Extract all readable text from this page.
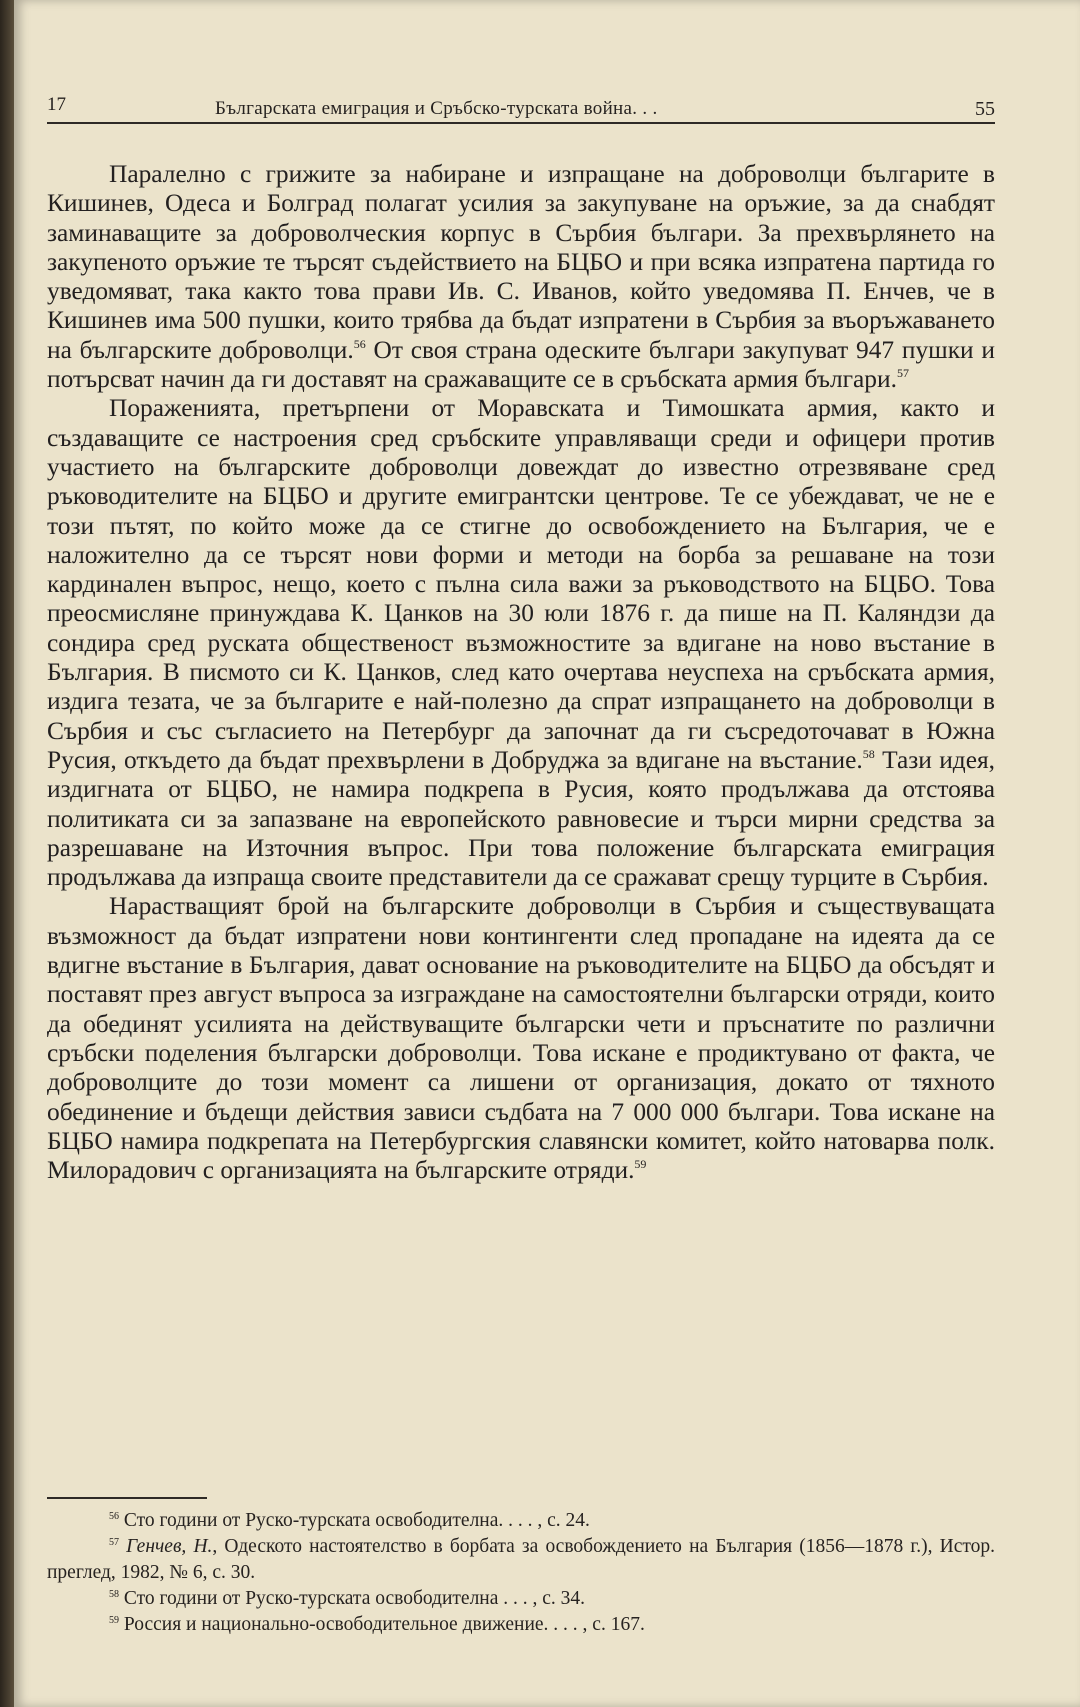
17	Българската емиграция и Сръбско-турската война. . .	55

Паралелно с грижите за набиране и изпращане на доброволци българите в Кишинев, Одеса и Болград полагат усилия за закупуване на оръжие, за да снабдят заминаващите за доброволческия корпус в Сърбия българи. За прехвърлянето на закупеното оръжие те търсят съдействието на БЦБО и при всяка изпратена партида го уведомяват, така както това прави Ив. С. Иванов, който уведомява П. Енчев, че в Кишинев има 500 пушки, които трябва да бъдат изпратени в Сърбия за въоръжаването на българските доброволци.$^{56}$ От своя страна одеските българи закупуват 947 пушки и потърсват начин да ги доставят на сражаващите се в сръбската армия българи.$^{57}$

Пораженията, претърпени от Моравската и Тимошката армия, както и създаващите се настроения сред сръбските управляващи среди и офицери против участието на българските доброволци довеждат до известно отрезвяване сред ръководителите на БЦБО и другите емигрантски центрове. Те се убеждават, че не е този пътят, по който може да се стигне до освобождението на България, че е наложително да се търсят нови форми и методи на борба за решаване на този кардинален въпрос, нещо, което с пълна сила важи за ръководството на БЦБО. Това преосмисляне принуждава К. Цанков на 30 юли 1876 г. да пише на П. Каляндзи да сондира сред руската общественост възможностите за вдигане на ново въстание в България. В писмото си К. Цанков, след като очертава неуспеха на сръбската армия, издига тезата, че за българите е най-полезно да спрат изпращането на доброволци в Сърбия и със съгласието на Петербург да започнат да ги съсредоточават в Южна Русия, откъдето да бъдат прехвърлени в Добруджа за вдигане на въстание.$^{58}$ Тази идея, издигната от БЦБО, не намира подкрепа в Русия, която продължава да отстоява политиката си за запазване на европейското равновесие и търси мирни средства за разрешаване на Източния въпрос. При това положение българската емиграция продължава да изпраща своите представители да се сражават срещу турците в Сърбия.

Нарастващият брой на българските доброволци в Сърбия и съществуващата възможност да бъдат изпратени нови контингенти след пропадане на идеята да се вдигне въстание в България, дават основание на ръководителите на БЦБО да обсъдят и поставят през август въпроса за изграждане на самостоятелни български отряди, които да обединят усилията на действуващите български чети и пръснатите по различни сръбски поделения български доброволци. Това искане е продиктувано от факта, че доброволците до този момент са лишени от организация, докато от тяхното обединение и бъдещи действия зависи съдбата на 7 000 000 българи. Това искане на БЦБО намира подкрепата на Петербургския славянски комитет, който натоварва полк. Милорадович с организацията на българските отряди.$^{59}$

$^{56}$ Сто години от Руско-турската освободителна. . . . , с. 24.

$^{57}$ Генчев, Н., Одеското настоятелство в борбата за освобождението на България (1856—1878 г.), Истор. преглед, 1982, № 6, с. 30.

$^{58}$ Сто години от Руско-турската освободителна . . . , с. 34.

$^{59}$ Россия и национально-освободительное движение. . . . , с. 167.
